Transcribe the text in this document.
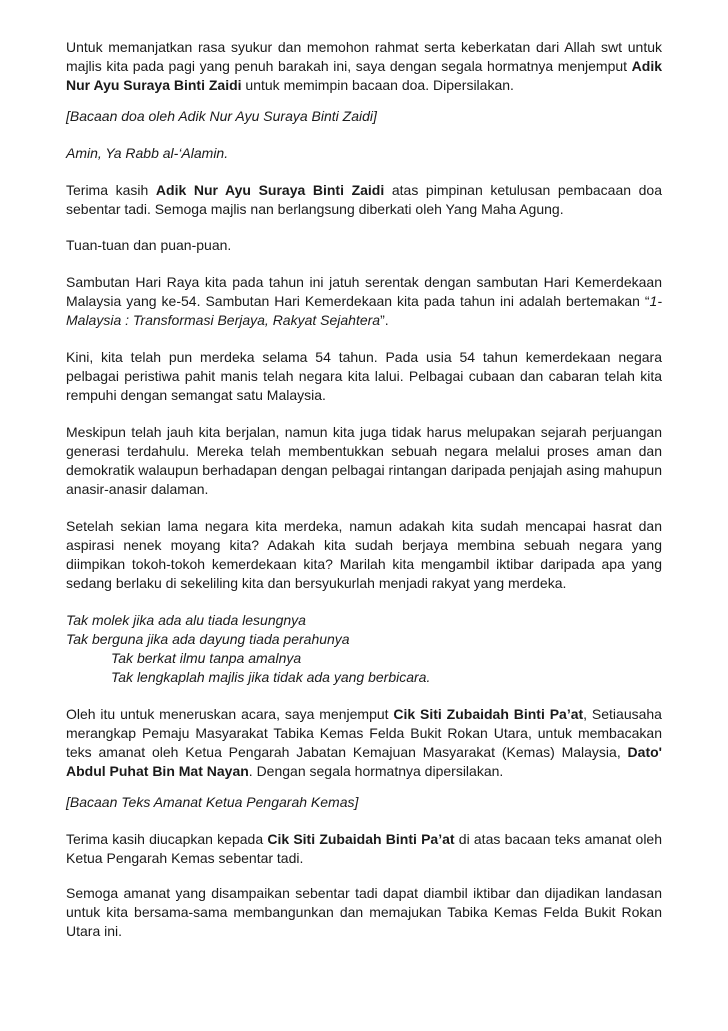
Untuk memanjatkan rasa syukur dan memohon rahmat serta keberkatan dari Allah swt untuk majlis kita pada pagi yang penuh barakah ini, saya dengan segala hormatnya menjemput Adik Nur Ayu Suraya Binti Zaidi untuk memimpin bacaan doa. Dipersilakan.

[Bacaan doa oleh Adik Nur Ayu Suraya Binti Zaidi]

Amin, Ya Rabb al-‘Alamin.

Terima kasih Adik Nur Ayu Suraya Binti Zaidi atas pimpinan ketulusan pembacaan doa sebentar tadi. Semoga majlis nan berlangsung diberkati oleh Yang Maha Agung.

Tuan-tuan dan puan-puan.

Sambutan Hari Raya kita pada tahun ini jatuh serentak dengan sambutan Hari Kemerdekaan Malaysia yang ke-54. Sambutan Hari Kemerdekaan kita pada tahun ini adalah bertemakan “1-Malaysia : Transformasi Berjaya, Rakyat Sejahtera”.

Kini, kita telah pun merdeka selama 54 tahun. Pada usia 54 tahun kemerdekaan negara pelbagai peristiwa pahit manis telah negara kita lalui. Pelbagai cubaan dan cabaran telah kita rempuhi dengan semangat satu Malaysia.

Meskipun telah jauh kita berjalan, namun kita juga tidak harus melupakan sejarah perjuangan generasi terdahulu. Mereka telah membentukkan sebuah negara melalui proses aman dan demokratik walaupun berhadapan dengan pelbagai rintangan daripada penjajah asing mahupun anasir-anasir dalaman.

Setelah sekian lama negara kita merdeka, namun adakah kita sudah mencapai hasrat dan aspirasi nenek moyang kita? Adakah kita sudah berjaya membina sebuah negara yang diimpikan tokoh-tokoh kemerdekaan kita? Marilah kita mengambil iktibar daripada apa yang sedang berlaku di sekeliling kita dan bersyukurlah menjadi rakyat yang merdeka.

Tak molek jika ada alu tiada lesungnya
Tak berguna jika ada dayung tiada perahunya
Tak berkat ilmu tanpa amalnya
Tak lengkaplah majlis jika tidak ada yang berbicara.

Oleh itu untuk meneruskan acara, saya menjemput Cik Siti Zubaidah Binti Pa’at, Setiausaha merangkap Pemaju Masyarakat Tabika Kemas Felda Bukit Rokan Utara, untuk membacakan teks amanat oleh Ketua Pengarah Jabatan Kemajuan Masyarakat (Kemas) Malaysia, Dato' Abdul Puhat Bin Mat Nayan. Dengan segala hormatnya dipersilakan.

[Bacaan Teks Amanat Ketua Pengarah Kemas]

Terima kasih diucapkan kepada Cik Siti Zubaidah Binti Pa’at di atas bacaan teks amanat oleh Ketua Pengarah Kemas sebentar tadi.

Semoga amanat yang disampaikan sebentar tadi dapat diambil iktibar dan dijadikan landasan untuk kita bersama-sama membangunkan dan memajukan Tabika Kemas Felda Bukit Rokan Utara ini.
